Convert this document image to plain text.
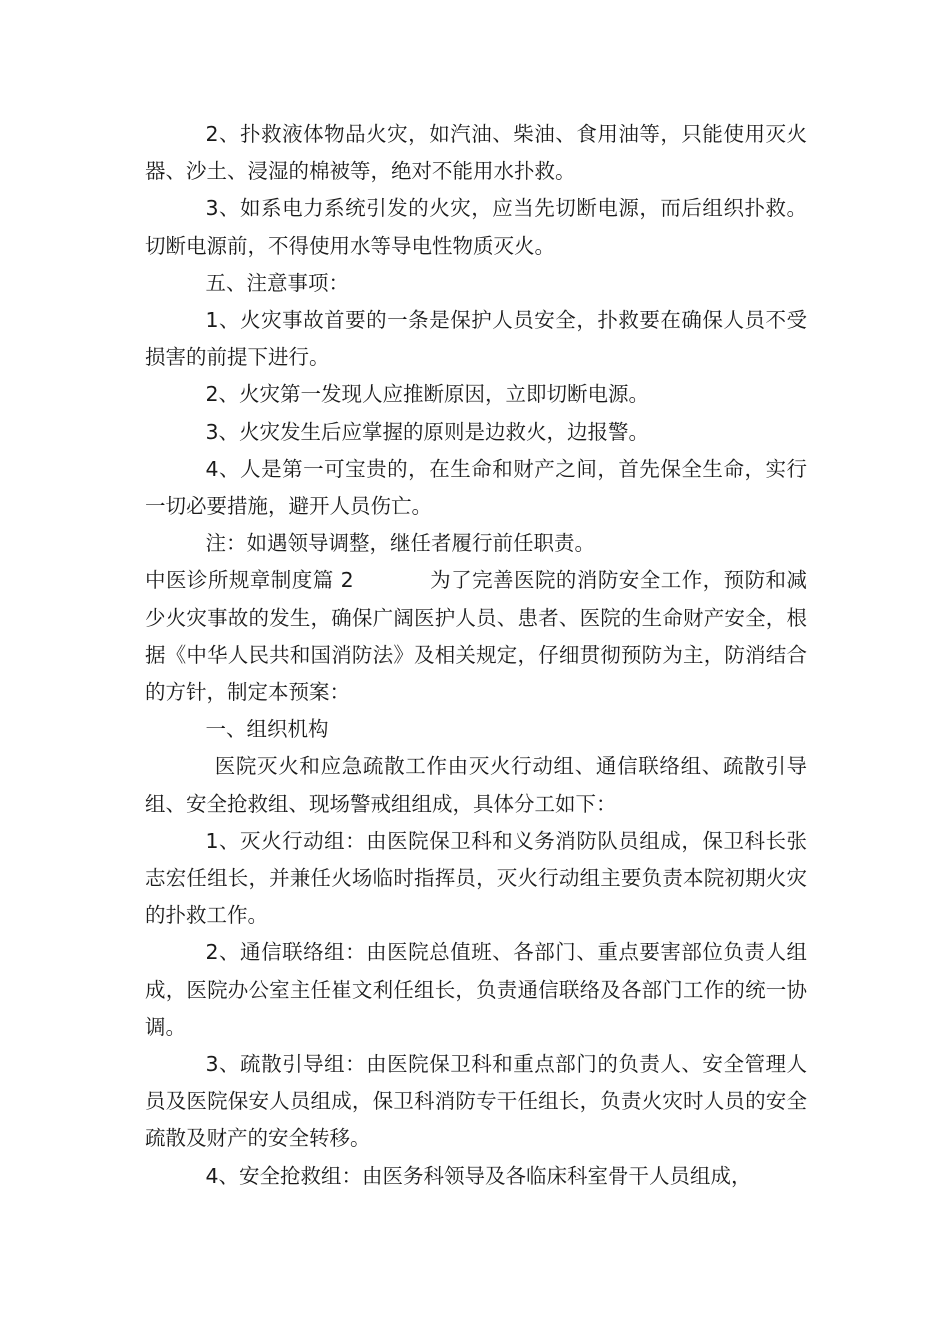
2、扑救液体物品火灾，如汽油、柴油、食用油等，只能使用灭火器、沙土、浸湿的棉被等，绝对不能用水扑救。

3、如系电力系统引发的火灾，应当先切断电源，而后组织扑救。切断电源前，不得使用水等导电性物质灭火。

五、注意事项：

1、火灾事故首要的一条是保护人员安全，扑救要在确保人员不受损害的前提下进行。

2、火灾第一发现人应推断原因，立即切断电源。

3、火灾发生后应掌握的原则是边救火，边报警。

4、人是第一可宝贵的，在生命和财产之间，首先保全生命，实行一切必要措施，避开人员伤亡。

注：如遇领导调整，继任者履行前任职责。

中医诊所规章制度篇 2	为了完善医院的消防安全工作，预防和减少火灾事故的发生，确保广阔医护人员、患者、医院的生命财产安全，根据《中华人民共和国消防法》及相关规定，仔细贯彻预防为主，防消结合的方针，制定本预案：

一、组织机构

医院灭火和应急疏散工作由灭火行动组、通信联络组、疏散引导组、安全抢救组、现场警戒组组成，具体分工如下：

1、灭火行动组：由医院保卫科和义务消防队员组成，保卫科长张志宏任组长，并兼任火场临时指挥员，灭火行动组主要负责本院初期火灾的扑救工作。

2、通信联络组：由医院总值班、各部门、重点要害部位负责人组成，医院办公室主任崔文利任组长，负责通信联络及各部门工作的统一协调。

3、疏散引导组：由医院保卫科和重点部门的负责人、安全管理人员及医院保安人员组成，保卫科消防专干任组长，负责火灾时人员的安全疏散及财产的安全转移。

4、安全抢救组：由医务科领导及各临床科室骨干人员组成，
